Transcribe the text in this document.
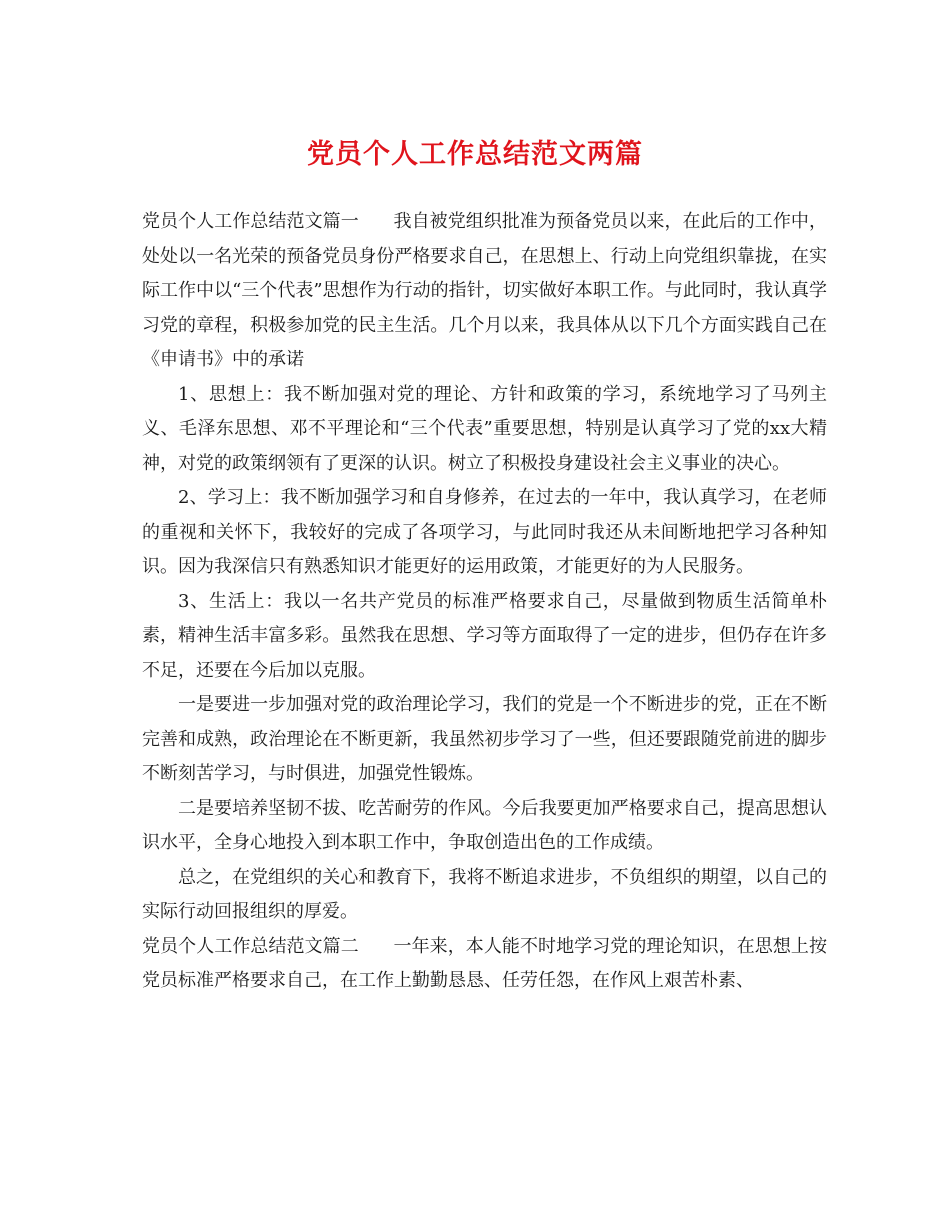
党员个人工作总结范文两篇

党员个人工作总结范文篇一      我自被党组织批准为预备党员以来，在此后的工作中，处处以一名光荣的预备党员身份严格要求自己，在思想上、行动上向党组织靠拢，在实际工作中以“三个代表”思想作为行动的指针，切实做好本职工作。与此同时，我认真学习党的章程，积极参加党的民主生活。几个月以来，我具体从以下几个方面实践自己在《申请书》中的承诺

1、思想上：我不断加强对党的理论、方针和政策的学习，系统地学习了马列主义、毛泽东思想、邓不平理论和“三个代表”重要思想，特别是认真学习了党的xx大精神，对党的政策纲领有了更深的认识。树立了积极投身建设社会主义事业的决心。

2、学习上：我不断加强学习和自身修养，在过去的一年中，我认真学习，在老师的重视和关怀下，我较好的完成了各项学习，与此同时我还从未间断地把学习各种知识。因为我深信只有熟悉知识才能更好的运用政策，才能更好的为人民服务。

3、生活上：我以一名共产党员的标准严格要求自己，尽量做到物质生活简单朴素，精神生活丰富多彩。虽然我在思想、学习等方面取得了一定的进步，但仍存在许多不足，还要在今后加以克服。

一是要进一步加强对党的政治理论学习，我们的党是一个不断进步的党，正在不断完善和成熟，政治理论在不断更新，我虽然初步学习了一些，但还要跟随党前进的脚步不断刻苦学习，与时俱进，加强党性锻炼。

二是要培养坚韧不拔、吃苦耐劳的作风。今后我要更加严格要求自己，提高思想认识水平，全身心地投入到本职工作中，争取创造出色的工作成绩。

总之，在党组织的关心和教育下，我将不断追求进步，不负组织的期望，以自己的实际行动回报组织的厚爱。

党员个人工作总结范文篇二      一年来，本人能不时地学习党的理论知识，在思想上按党员标准严格要求自己，在工作上勤勤恳恳、任劳任怨，在作风上艰苦朴素、
